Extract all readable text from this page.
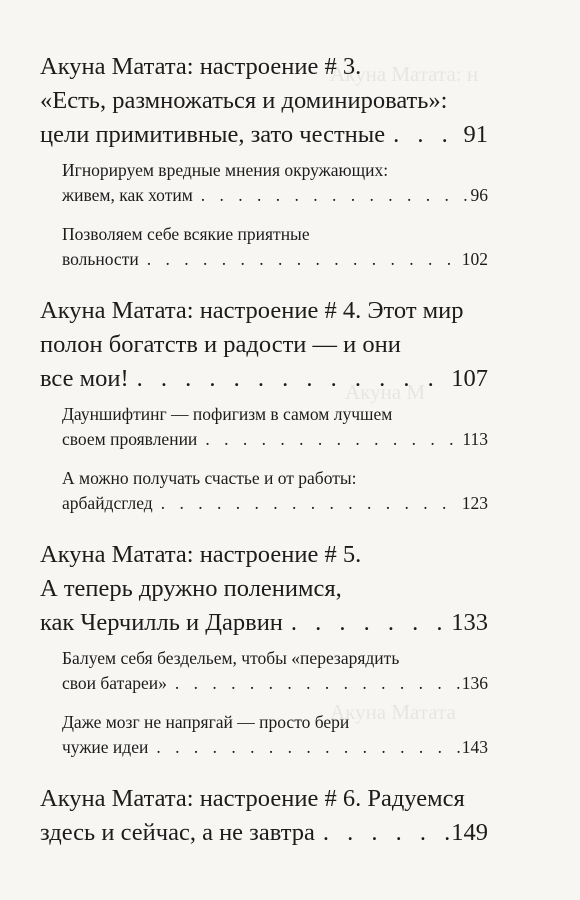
Акуна Матата: н
Акуна М
Акуна Матата
Акуна Матата: настроение # 3.
«Есть, размножаться и доминировать»:
цели примитивные, зато честные . . .	91
Игнорируем вредные мнения окружающих:
живем, как хотим . . .	96
Позволяем себе всякие приятные
вольности . . .	102
Акуна Матата: настроение # 4. Этот мир
полон богатств и радости — и они
все мои! . . .	107
Дауншифтинг — пофигизм в самом лучшем
своем проявлении . . .	113
А можно получать счастье и от работы:
арбайдсглед . . .	123
Акуна Матата: настроение # 5.
А теперь дружно поленимся,
как Черчилль и Дарвин . . .	133
Балуем себя бездельем, чтобы «перезарядить
свои батареи» . . .	136
Даже мозг не напрягай — просто бери
чужие идеи . . .	143
Акуна Матата: настроение # 6. Радуемся
здесь и сейчас, а не завтра . . .	149
